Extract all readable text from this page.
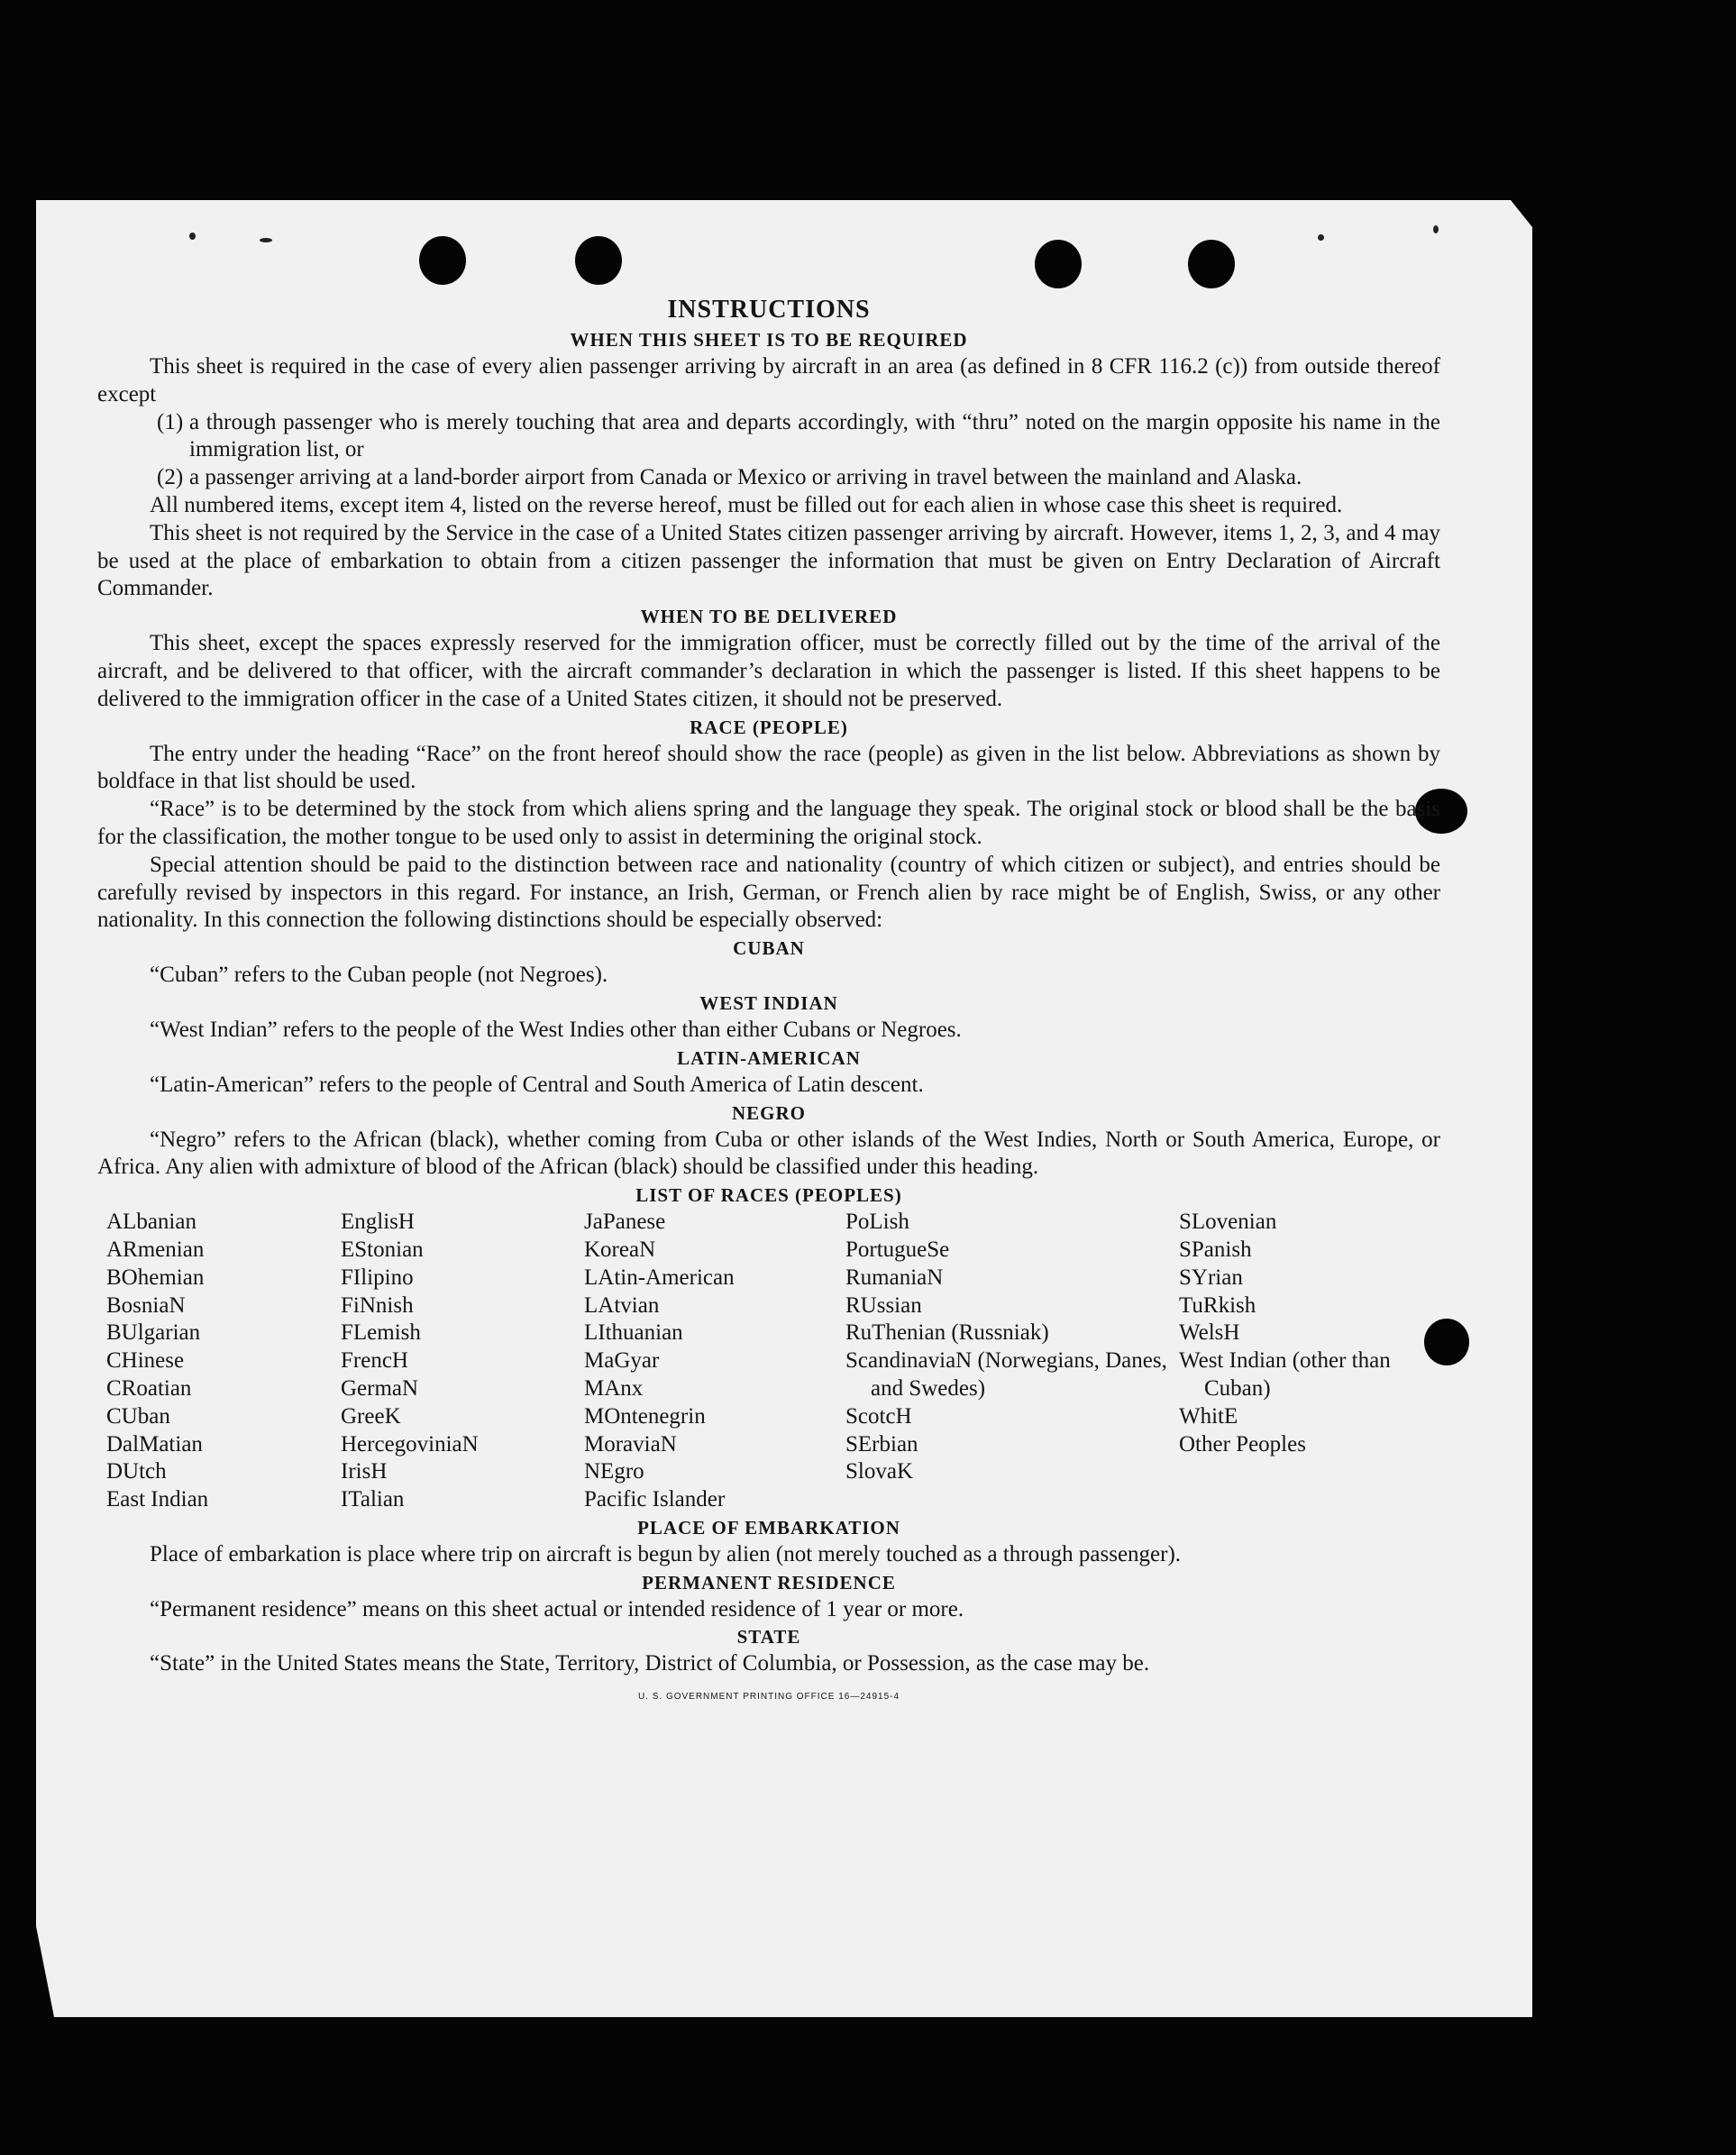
INSTRUCTIONS
WHEN THIS SHEET IS TO BE REQUIRED

This sheet is required in the case of every alien passenger arriving by aircraft in an area (as defined in 8 CFR 116.2 (c)) from outside thereof except

(1) a through passenger who is merely touching that area and departs accordingly, with “thru” noted on the margin opposite his name in the immigration list, or

(2) a passenger arriving at a land-border airport from Canada or Mexico or arriving in travel between the mainland and Alaska.

All numbered items, except item 4, listed on the reverse hereof, must be filled out for each alien in whose case this sheet is required.

This sheet is not required by the Service in the case of a United States citizen passenger arriving by aircraft. However, items 1, 2, 3, and 4 may be used at the place of embarkation to obtain from a citizen passenger the information that must be given on Entry Declaration of Aircraft Commander.

WHEN TO BE DELIVERED

This sheet, except the spaces expressly reserved for the immigration officer, must be correctly filled out by the time of the arrival of the aircraft, and be delivered to that officer, with the aircraft commander’s declaration in which the passenger is listed. If this sheet happens to be delivered to the immigration officer in the case of a United States citizen, it should not be preserved.

RACE (PEOPLE)

The entry under the heading “Race” on the front hereof should show the race (people) as given in the list below. Abbreviations as shown by boldface in that list should be used.

“Race” is to be determined by the stock from which aliens spring and the language they speak. The original stock or blood shall be the basis for the classification, the mother tongue to be used only to assist in determining the original stock.

Special attention should be paid to the distinction between race and nationality (country of which citizen or subject), and entries should be carefully revised by inspectors in this regard. For instance, an Irish, German, or French alien by race might be of English, Swiss, or any other nationality. In this connection the following distinctions should be especially observed:

CUBAN

“Cuban” refers to the Cuban people (not Negroes).

WEST INDIAN

“West Indian” refers to the people of the West Indies other than either Cubans or Negroes.

LATIN-AMERICAN

“Latin-American” refers to the people of Central and South America of Latin descent.

NEGRO

“Negro” refers to the African (black), whether coming from Cuba or other islands of the West Indies, North or South America, Europe, or Africa. Any alien with admixture of blood of the African (black) should be classified under this heading.

LIST OF RACES (PEOPLES)
ALbanian
ARmenian
BOhemian
BosniaN
BUlgarian
CHinese
CRoatian
CUban
DalMatian
DUtch
East Indian
EnglisH
EStonian
FIlipino
FiNnish
FLemish
FrencH
GermaN
GreeK
HercegoviniaN
IrisH
ITalian
JaPanese
KoreaN
LAtin-American
LAtvian
LIthuanian
MaGyar
MAnx
MOntenegrin
MoraviaN
NEgro
Pacific Islander
PoLish
PortugueSe
RumaniaN
RUssian
RuThenian (Russniak)
ScandinaviaN (Norwegians, Danes, and Swedes)
ScotcH
SErbian
SlovaK
SLovenian
SPanish
SYrian
TuRkish
WelsH
West Indian (other than Cuban)
WhitE
Other Peoples
PLACE OF EMBARKATION

Place of embarkation is place where trip on aircraft is begun by alien (not merely touched as a through passenger).

PERMANENT RESIDENCE

“Permanent residence” means on this sheet actual or intended residence of 1 year or more.

STATE

“State” in the United States means the State, Territory, District of Columbia, or Possession, as the case may be.

U. S. GOVERNMENT PRINTING OFFICE 16—24915-4
